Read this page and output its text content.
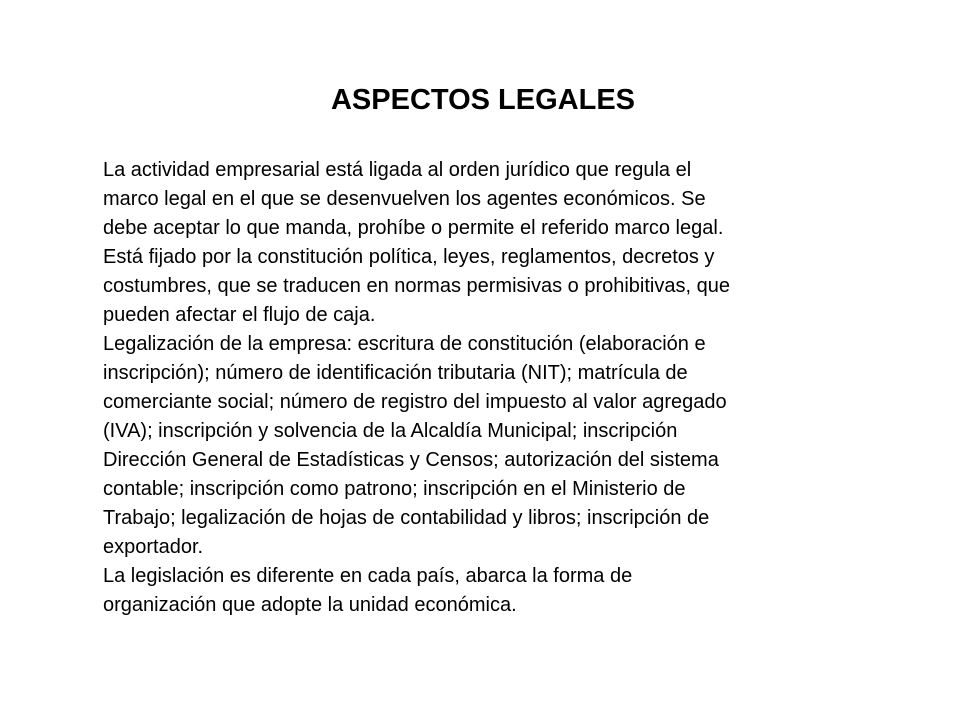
ASPECTOS LEGALES

La actividad empresarial está ligada al orden jurídico que regula el
marco legal en el que se desenvuelven los agentes económicos. Se
debe aceptar lo que manda, prohíbe o permite el referido marco legal.
Está fijado por la constitución política, leyes, reglamentos, decretos y
costumbres, que se traducen en normas permisivas o prohibitivas, que
pueden afectar el flujo de caja.

Legalización de la empresa: escritura de constitución (elaboración e
inscripción); número de identificación tributaria (NIT); matrícula de
comerciante social; número de registro del impuesto al valor agregado
(IVA); inscripción y solvencia de la Alcaldía Municipal; inscripción
Dirección General de Estadísticas y Censos; autorización del sistema
contable; inscripción como patrono; inscripción en el Ministerio de
Trabajo; legalización de hojas de contabilidad y libros; inscripción de
exportador.

La legislación es diferente en cada país, abarca la forma de
organización que adopte la unidad económica.
